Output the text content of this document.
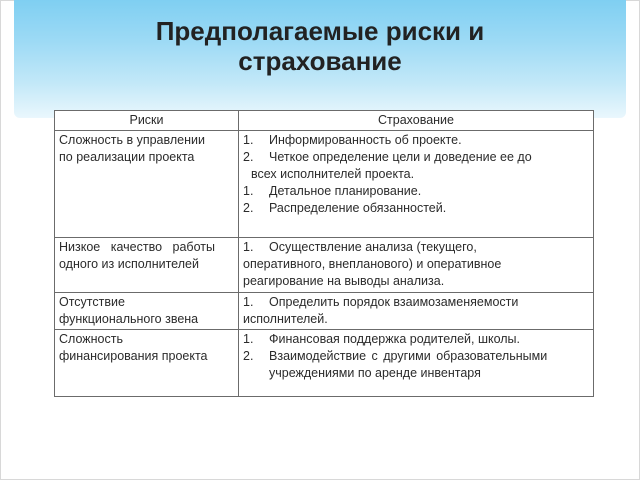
Предполагаемые риски и
страхование
Риски	Страхование

Сложность в управлении
по реализации проекта	1. Информированность об проекте.
2. Четкое определение цели и доведение ее до
всех исполнителей проекта.
1. Детальное планирование.
2. Распределение обязанностей.

Низкое качество работы
одного из исполнителей	1. Осуществление анализа (текущего,
оперативного, внепланового) и оперативное
реагирование на выводы анализа.

Отсутствие
функционального звена	1. Определить порядок взаимозаменяемости
исполнителей.

Сложность
финансирования проекта	1. Финансовая поддержка родителей, школы.
2. Взаимодействие с другими образовательными
учреждениями по аренде инвентаря
